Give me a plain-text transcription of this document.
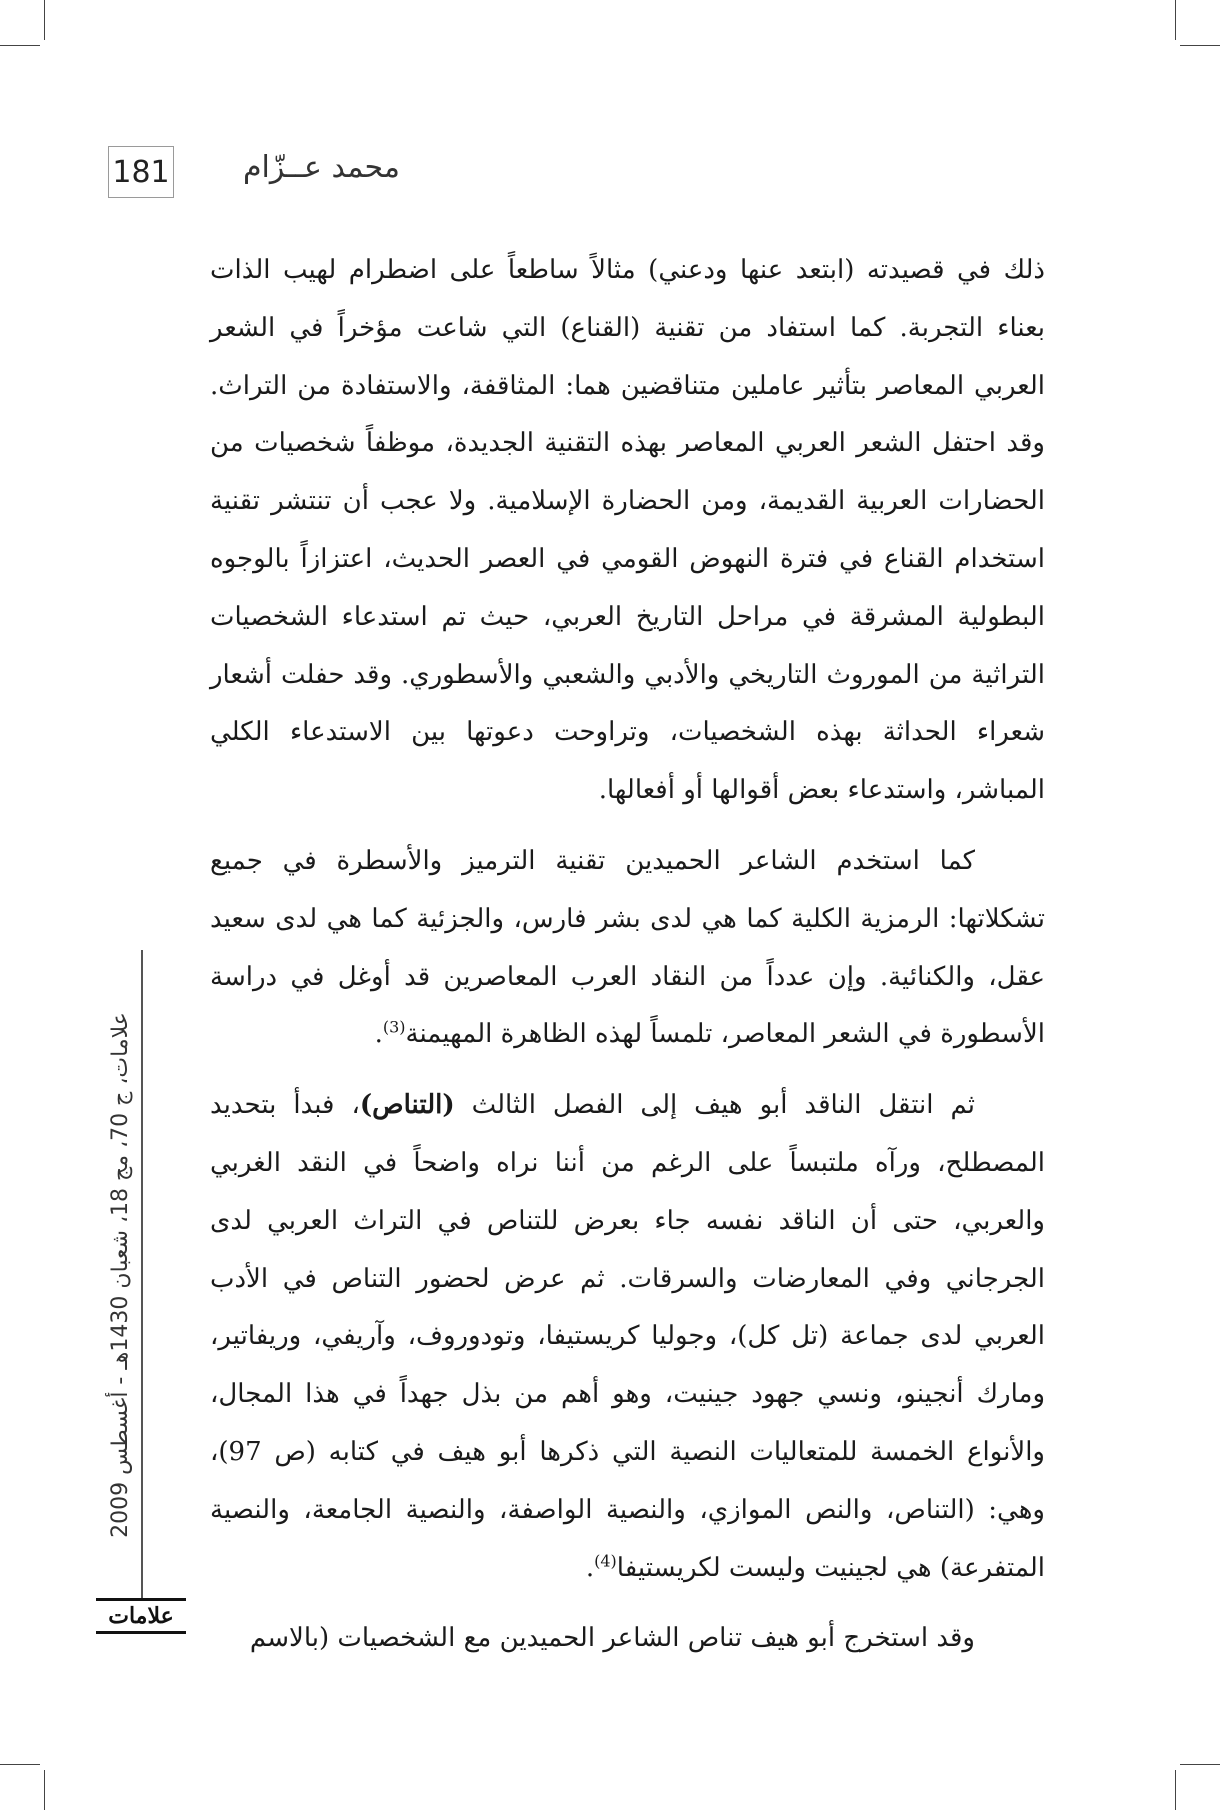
181	محمد عــزّام

ذلك في قصيدته (ابتعد عنها ودعني) مثالاً ساطعاً على اضطرام لهيب الذات بعناء التجربة. كما استفاد من تقنية (القناع) التي شاعت مؤخراً في الشعر العربي المعاصر بتأثير عاملين متناقضين هما: المثاقفة، والاستفادة من التراث. وقد احتفل الشعر العربي المعاصر بهذه التقنية الجديدة، موظفاً شخصيات من الحضارات العربية القديمة، ومن الحضارة الإسلامية. ولا عجب أن تنتشر تقنية استخدام القناع في فترة النهوض القومي في العصر الحديث، اعتزازاً بالوجوه البطولية المشرقة في مراحل التاريخ العربي، حيث تم استدعاء الشخصيات التراثية من الموروث التاريخي والأدبي والشعبي والأسطوري. وقد حفلت أشعار شعراء الحداثة بهذه الشخصيات، وتراوحت دعوتها بين الاستدعاء الكلي المباشر، واستدعاء بعض أقوالها أو أفعالها.

كما استخدم الشاعر الحميدين تقنية الترميز والأسطرة في جميع تشكلاتها: الرمزية الكلية كما هي لدى بشر فارس، والجزئية كما هي لدى سعيد عقل، والكنائية. وإن عدداً من النقاد العرب المعاصرين قد أوغل في دراسة الأسطورة في الشعر المعاصر، تلمساً لهذه الظاهرة المهيمنة$^{(3)}$.

ثم انتقل الناقد أبو هيف إلى الفصل الثالث (التناص)، فبدأ بتحديد المصطلح، ورآه ملتبساً على الرغم من أننا نراه واضحاً في النقد الغربي والعربي، حتى أن الناقد نفسه جاء بعرض للتناص في التراث العربي لدى الجرجاني وفي المعارضات والسرقات. ثم عرض لحضور التناص في الأدب العربي لدى جماعة (تل كل)، وجوليا كريستيفا، وتودوروف، وآريفي، وريفاتير، ومارك أنجينو، ونسي جهود جينيت، وهو أهم من بذل جهداً في هذا المجال، والأنواع الخمسة للمتعاليات النصية التي ذكرها أبو هيف في كتابه (ص 97)، وهي: (التناص، والنص الموازي، والنصية الواصفة، والنصية الجامعة، والنصية المتفرعة) هي لجينيت وليست لكريستيفا$^{(4)}$.

وقد استخرج أبو هيف تناص الشاعر الحميدين مع الشخصيات (بالاسم

علامات، ج 70، مج 18، شعبان 1430هـ - أغسطس 2009
علامات
